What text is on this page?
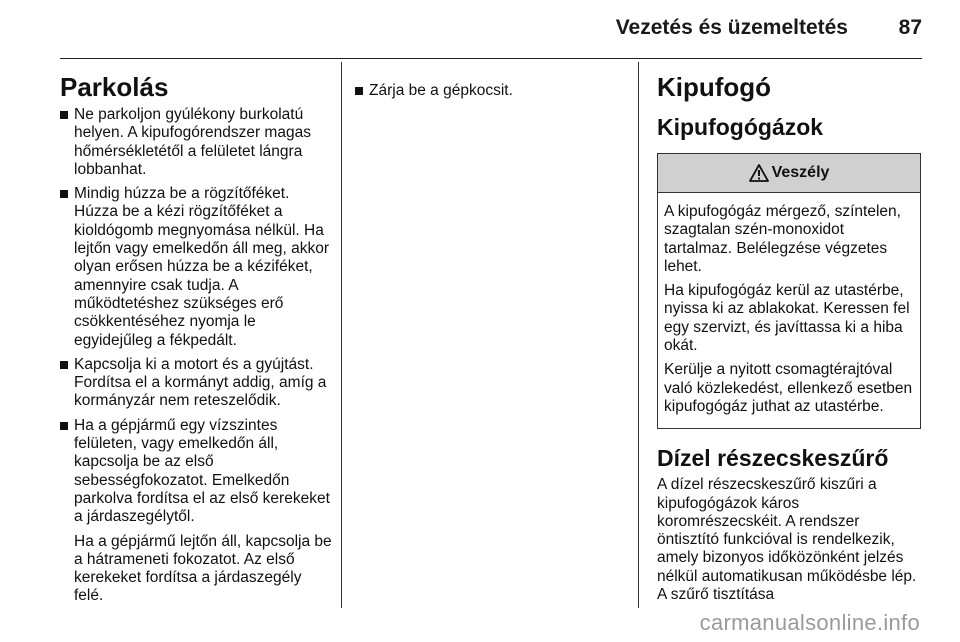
Vezetés és üzemeltetés 87
Parkolás
Ne parkoljon gyúlékony burkolatú helyen. A kipufogórendszer magas hőmérsékletétől a felületet lángra lobbanhat.
Mindig húzza be a rögzítőféket. Húzza be a kézi rögzítőféket a kioldógomb megnyomása nélkül. Ha lejtőn vagy emelkedőn áll meg, akkor olyan erősen húzza be a kéziféket, amennyire csak tudja. A működtetéshez szükséges erő csökkentéséhez nyomja le egyidejűleg a fékpedált.
Kapcsolja ki a motort és a gyújtást. Fordítsa el a kormányt addig, amíg a kormányzár nem reteszelődik.
Ha a gépjármű egy vízszintes felületen, vagy emelkedőn áll, kapcsolja be az első sebességfokozatot. Emelkedőn parkolva fordítsa el az első kerekeket a járdaszegélytől.
Ha a gépjármű lejtőn áll, kapcsolja be a hátrameneti fokozatot. Az első kerekeket fordítsa a járdaszegély felé.
Zárja be a gépkocsit.	Kipufogó
Kipufogógázok
Veszély

A kipufogógáz mérgező, színtelen, szagtalan szén-monoxidot tartalmaz. Belélegzése végzetes lehet.

Ha kipufogógáz kerül az utastérbe, nyissa ki az ablakokat. Keressen fel egy szervizt, és javíttassa ki a hiba okát.

Kerülje a nyitott csomagtérajtóval való közlekedést, ellenkező esetben kipufogógáz juthat az utastérbe.

Dízel részecskeszűrő

A dízel részecskeszűrő kiszűri a kipufogógázok káros koromrészecskéit. A rendszer öntisztító funkcióval is rendelkezik, amely bizonyos időközönként jelzés nélkül automatikusan működésbe lép. A szűrő tisztítása

carmanualsonline.info
